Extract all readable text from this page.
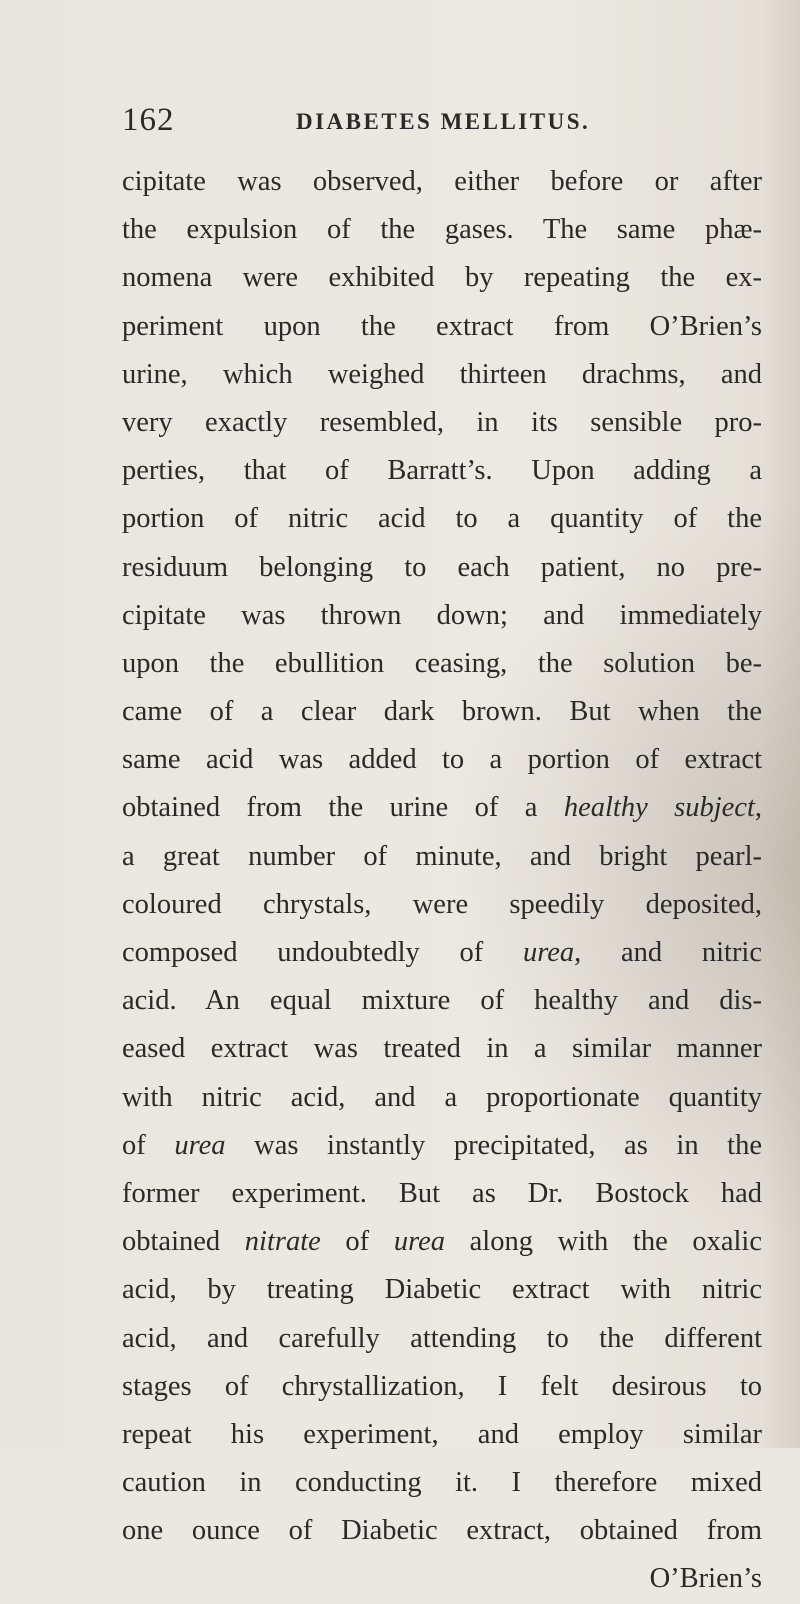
162	DIABETES MELLITUS.
cipitate was observed, either before or after
the expulsion of the gases. The same phæ-
nomena were exhibited by repeating the ex-
periment upon the extract from O’Brien’s
urine, which weighed thirteen drachms, and
very exactly resembled, in its sensible pro-
perties, that of Barratt’s. Upon adding a
portion of nitric acid to a quantity of the
residuum belonging to each patient, no pre-
cipitate was thrown down; and immediately
upon the ebullition ceasing, the solution be-
came of a clear dark brown. But when the
same acid was added to a portion of extract
obtained from the urine of a healthy subject,
a great number of minute, and bright pearl-
coloured chrystals, were speedily deposited,
composed undoubtedly of urea, and nitric
acid. An equal mixture of healthy and dis-
eased extract was treated in a similar manner
with nitric acid, and a proportionate quantity
of urea was instantly precipitated, as in the
former experiment. But as Dr. Bostock had
obtained nitrate of urea along with the oxalic
acid, by treating Diabetic extract with nitric
acid, and carefully attending to the different
stages of chrystallization, I felt desirous to
repeat his experiment, and employ similar
caution in conducting it. I therefore mixed
one ounce of Diabetic extract, obtained from
O’Brien’s
